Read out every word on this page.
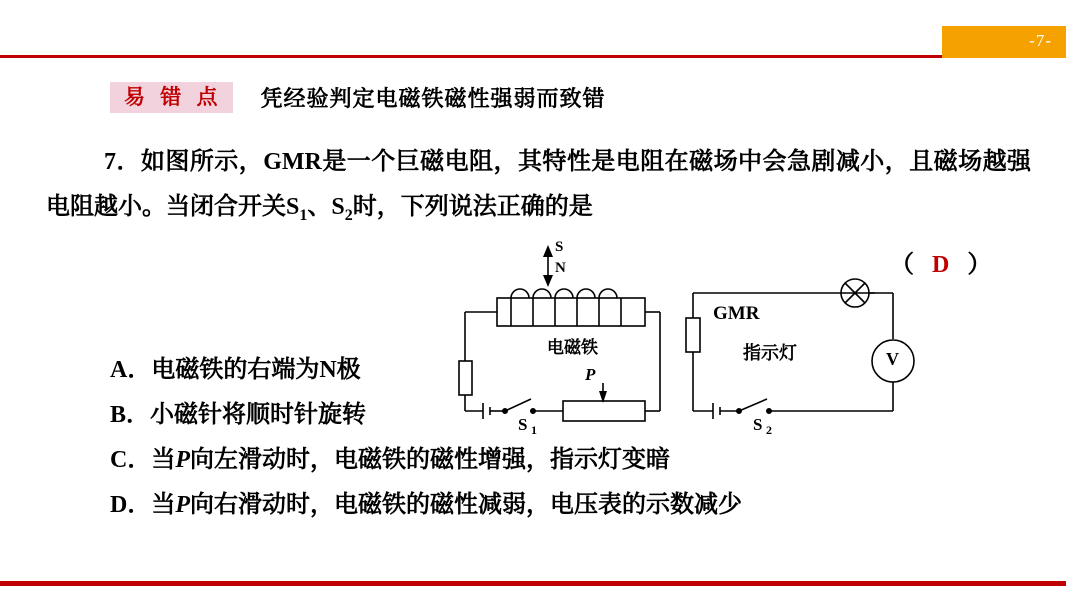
-7-
易 错 点	凭经验判定电磁铁磁性强弱而致错
7．如图所示，GMR是一个巨磁电阻，其特性是电阻在磁场中会急剧减小，且磁场越强电阻越小。当闭合开关$S_1$、$S_2$时，下列说法正确的是
（ D ）
A．电磁铁的右端为N极
B．小磁针将顺时针旋转
C．当P向左滑动时，电磁铁的磁性增强，指示灯变暗
D．当P向右滑动时，电磁铁的磁性减弱，电压表的示数减少
S
N
电磁铁
P
S 1	S 2
GMR
指示灯	V
